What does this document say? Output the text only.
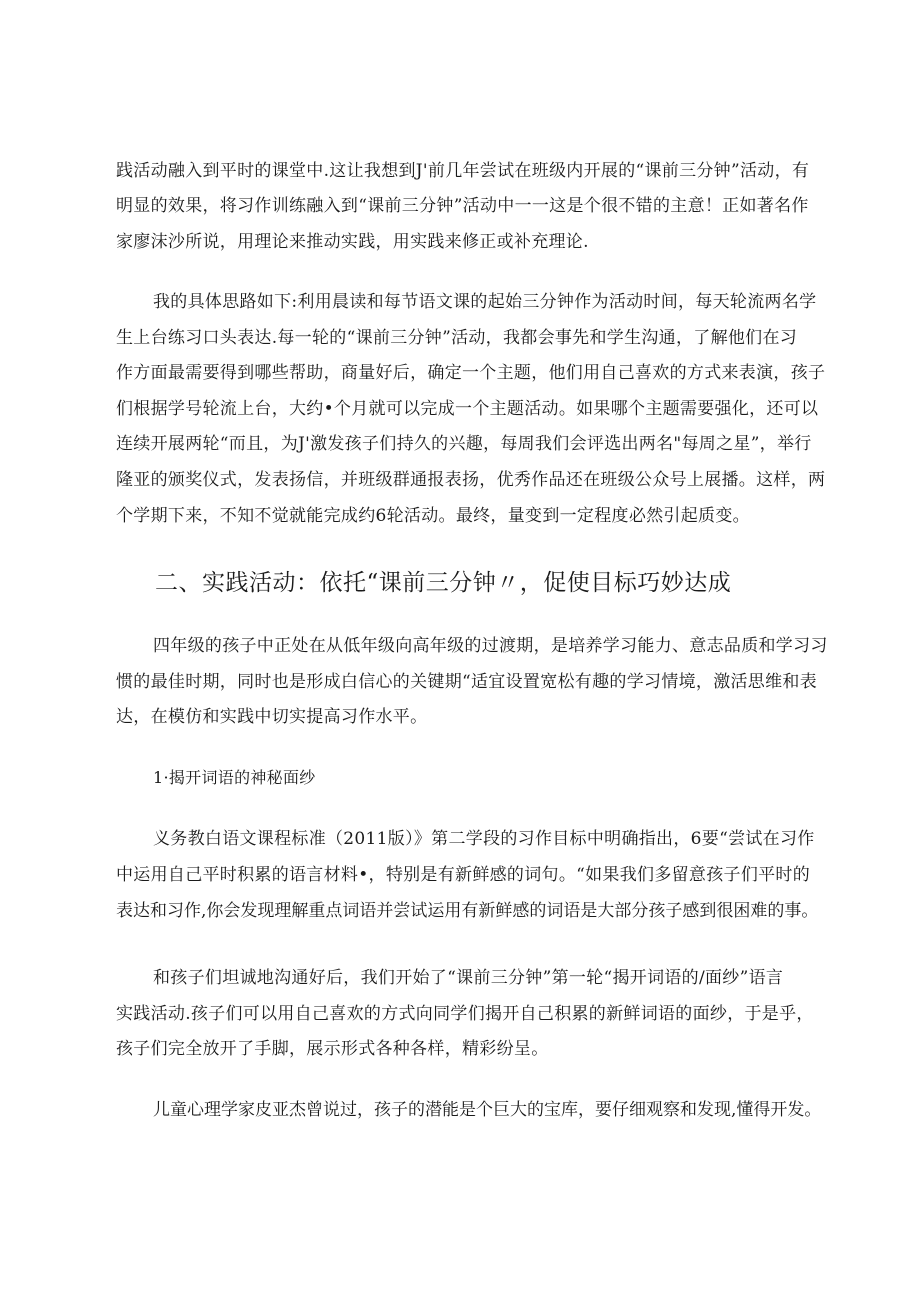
践活动融入到平时的课堂中.这让我想到J'前几年尝试在班级内开展的“课前三分钟”活动，有
明显的效果，将习作训练融入到“课前三分钟”活动中一一这是个很不错的主意！正如著名作
家廖沫沙所说，用理论来推动实践，用实践来修正或补充理论.
我的具体思路如下:利用晨读和每节语文课的起始三分钟作为活动时间，每天轮流两名学
生上台练习口头表达.每一轮的“课前三分钟”活动，我都会事先和学生沟通，了解他们在习
作方面最需要得到哪些帮助，商量好后，确定一个主题，他们用自己喜欢的方式来表演，孩子
们根据学号轮流上台，大约•个月就可以完成一个主题活动。如果哪个主题需要强化，还可以
连续开展两轮“而且，为J'激发孩子们持久的兴趣，每周我们会评选出两名"每周之星”，举行
隆亚的颁奖仪式，发表扬信，并班级群通报表扬，优秀作品还在班级公众号上展播。这样，两
个学期下来，不知不觉就能完成约6轮活动。最终，量变到一定程度必然引起质变。
二、实践活动：依托“课前三分钟〃，促使目标巧妙达成
四年级的孩子中正处在从低年级向高年级的过渡期，是培养学习能力、意志品质和学习习
惯的最佳时期，同时也是形成白信心的关键期“适宜设置宽松有趣的学习情境，激活思维和表
达，在模仿和实践中切实提高习作水平。
1·揭开词语的神秘面纱
义务教白语文课程标准（2011版）》第二学段的习作目标中明确指出，6要“尝试在习作
中运用自己平时积累的语言材料•，特别是有新鲜感的词句。“如果我们多留意孩子们平时的
表达和习作,你会发现理解重点词语并尝试运用有新鲜感的词语是大部分孩子感到很困难的事。
和孩子们坦诚地沟通好后，我们开始了“课前三分钟”第一轮“揭开词语的/面纱”语言
实践活动.孩子们可以用自己喜欢的方式向同学们揭开自己积累的新鲜词语的面纱，于是乎，
孩子们完全放开了手脚，展示形式各种各样，精彩纷呈。
儿童心理学家皮亚杰曾说过，孩子的潜能是个巨大的宝库，要仔细观察和发现,懂得开发。
